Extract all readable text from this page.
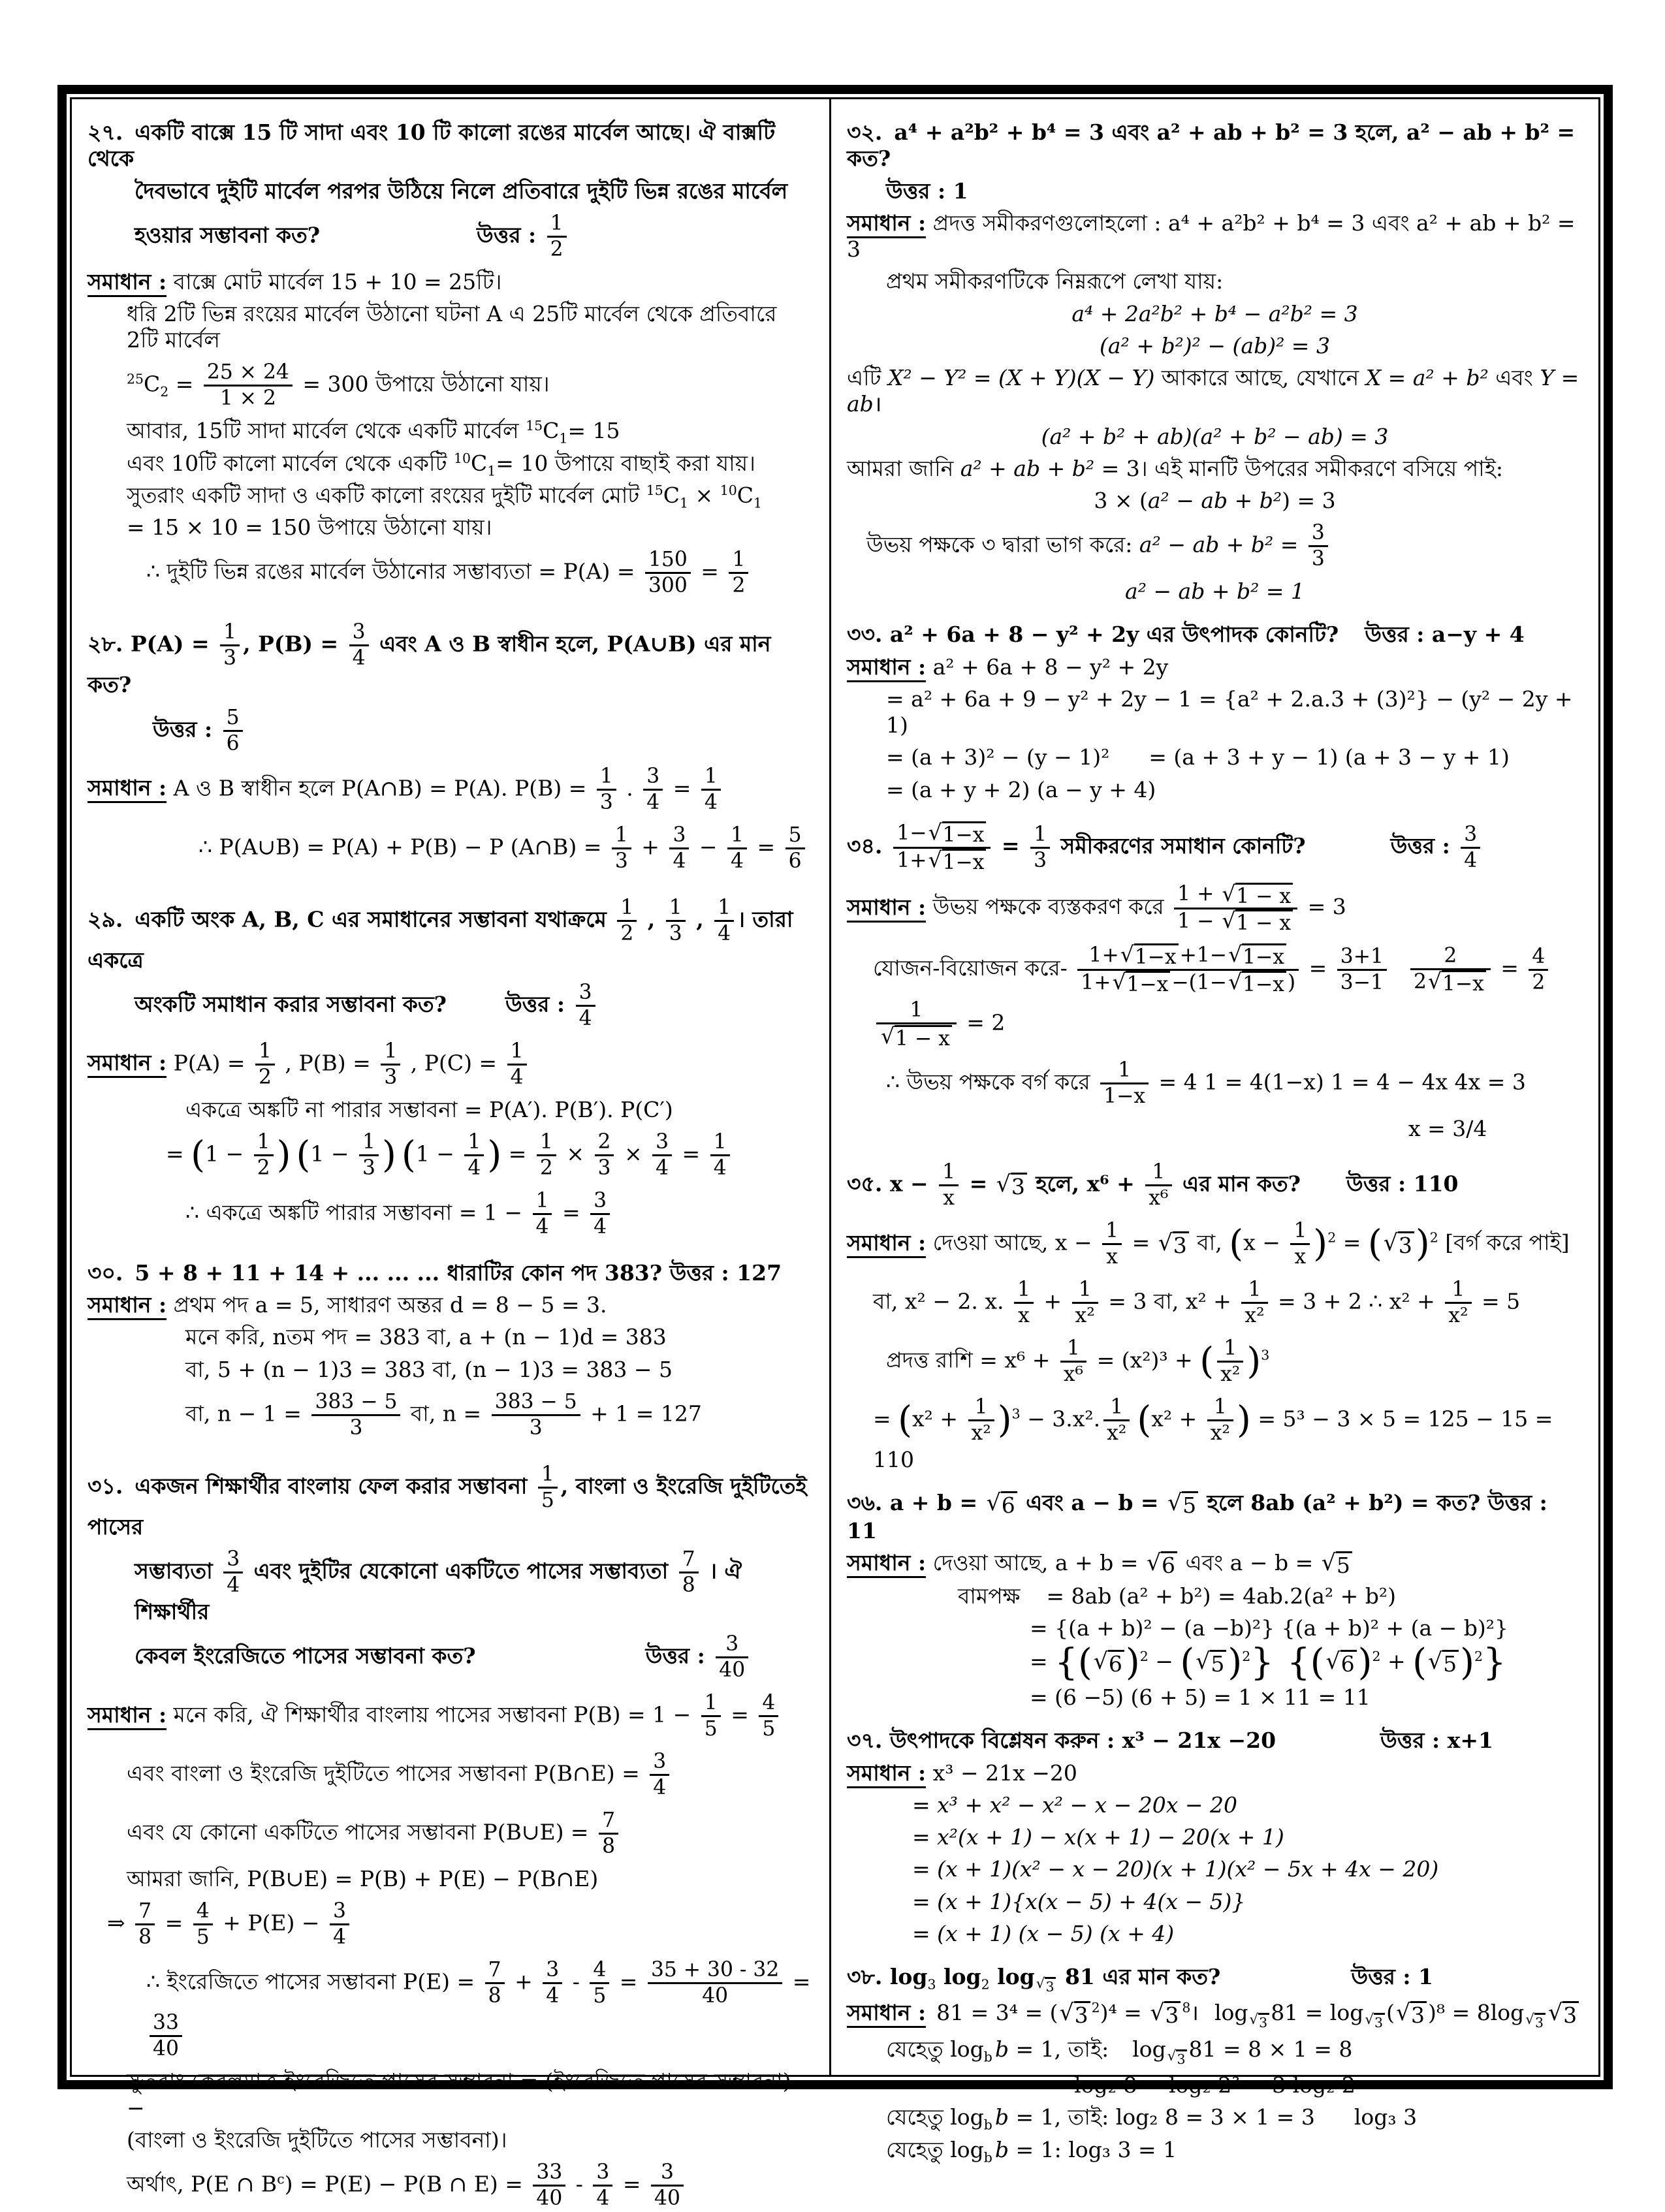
২৭. একটি বাক্সে 15 টি সাদা এবং 10 টি কালো রঙের মার্বেল আছে। ঐ বাক্সটি থেকে
দৈবভাবে দুইটি মার্বেল পরপর উঠিয়ে নিলে প্রতিবারে দুইটি ভিন্ন রঙের মার্বেল
হওয়ার সম্ভাবনা কত?	উত্তর : $\frac{1}{2}$
সমাধান : বাক্সে মোট মার্বেল 15 + 10 = 25টি।
ধরি 2টি ভিন্ন রংয়ের মার্বেল উঠানো ঘটনা A এ 25টি মার্বেল থেকে প্রতিবারে 2টি মার্বেল
$^{25}C_2 = \frac{25 \times 24}{1 \times 2} = 300$ উপায়ে উঠানো যায়।
আবার, 15টি সাদা মার্বেল থেকে একটি মার্বেল $^{15}C_1= 15$
এবং 10টি কালো মার্বেল থেকে একটি $^{10}C_1= 10$ উপায়ে বাছাই করা যায়।
সুতরাং একটি সাদা ও একটি কালো রংয়ের দুইটি মার্বেল মোট $^{15}C_1 \times ^{10}C_1$
= 15 × 10 = 150 উপায়ে উঠানো যায়।
∴ দুইটি ভিন্ন রঙের মার্বেল উঠানোর সম্ভাব্যতা = $P(A) = \frac{150}{300} = \frac{1}{2}$
২৮. $P(A) = \frac{1}{3}$ , $P(B) = \frac{3}{4}$ এবং A ও B স্বাধীন হলে, P(A∪B) এর মান কত?
উত্তর : $\frac{5}{6}$
সমাধান : A ও B স্বাধীন হলে P(A∩B) = P(A). $P(B) = \frac{1}{3}$ . $\frac{3}{4} = \frac{1}{4}$
∴ P(A∪B) = P(A) + P(B) − P (A∩B) = $\frac{1}{3} + \frac{3}{4} - \frac{1}{4} = \frac{5}{6}$
২৯. একটি অংক A, B, C এর সমাধানের সম্ভাবনা যথাক্রমে $\frac{1}{2}$ , $\frac{1}{3}$ , $\frac{1}{4}$ । তারা একত্রে
অংকটি সমাধান করার সম্ভাবনা কত?	উত্তর : $\frac{3}{4}$
সমাধান : $P(A) = \frac{1}{2}$ , $P(B) = \frac{1}{3}$ , $P(C) = \frac{1}{4}$
একত্রে অঙ্কটি না পারার সম্ভাবনা = P(A′). P(B′). P(C′)
= ($1 - \frac{1}{2}$ ) ($1 - \frac{1}{3}$ ) ($1 - \frac{1}{4}$ ) = $\frac{1}{2} \times \frac{2}{3} \times \frac{3}{4} = \frac{1}{4}$
∴ একত্রে অঙ্কটি পারার সম্ভাবনা = $1 - \frac{1}{4} = \frac{3}{4}$
৩০. 5 + 8 + 11 + 14 + ... ... ... ধারাটির কোন পদ 383? উত্তর : 127
সমাধান : প্রথম পদ a = 5, সাধারণ অন্তর d = 8 − 5 = 3.
মনে করি, nতম পদ = 383 বা, a + (n − 1)d = 383
বা, 5 + (n − 1)3 = 383 বা, (n − 1)3 = 383 − 5
বা, $n - 1 = \frac{383 - 5}{3}$ বা, $n = \frac{383 - 5}{3} + 1 = 127$
৩১. একজন শিক্ষার্থীর বাংলায় ফেল করার সম্ভাবনা $\frac{1}{5}$ , বাংলা ও ইংরেজি দুইটিতেই পাসের
সম্ভাব্যতা $\frac{3}{4}$ এবং দুইটির যেকোনো একটিতে পাসের সম্ভাব্যতা $\frac{7}{8}$ । ঐ শিক্ষার্থীর
কেবল ইংরেজিতে পাসের সম্ভাবনা কত?	উত্তর : $\frac{3}{40}$
সমাধান : মনে করি, ঐ শিক্ষার্থীর বাংলায় পাসের সম্ভাবনা $P(B) = 1 - \frac{1}{5} = \frac{4}{5}$
এবং বাংলা ও ইংরেজি দুইটিতে পাসের সম্ভাবনা P(B∩E) = $\frac{3}{4}$
এবং যে কোনো একটিতে পাসের সম্ভাবনা P(B∪E) = $\frac{7}{8}$
আমরা জানি, P(B∪E) = P(B) + P(E) − P(B∩E)
⇒ $\frac{7}{8} = \frac{4}{5} + P(E) - \frac{3}{4}$
∴ ইংরেজিতে পাসের সম্ভাবনা $P(E) = \frac{7}{8} + \frac{3}{4} - \frac{4}{5} = \frac{35 + 30 - 32}{40}$ =
$\frac{33}{40}$
সুতরাং কেবলমাত্র ইংরেজিতে পাসের সম্ভাবনা = (ইংরেজিতে পাসের সম্ভাবনা) −
(বাংলা ও ইংরেজি দুইটিতে পাসের সম্ভাবনা)।
অর্থাৎ, P(E ∩ $B^c) = P(E) - P(B$ ∩ $E) = \frac{33}{40} - \frac{3}{4} = \frac{3}{40}$
৩২. a⁴ + a²b² + b⁴ = 3 এবং a² + ab + b² = 3 হলে, a² − ab + b² = কত?
উত্তর : 1
সমাধান : প্রদত্ত সমীকরণগুলোহলো : a⁴ + a²b² + b⁴ = 3 এবং a² + ab + b² = 3
প্রথম সমীকরণটিকে নিম্নরূপে লেখা যায়:
a⁴ + 2a²b² + b⁴ − a²b² = 3
(a² + b²)² − (ab)² = 3
এটি X² − Y² = (X + Y)(X − Y) আকারে আছে, যেখানে X = a² + b² এবং Y = ab।
(a² + b² + ab)(a² + b² − ab) = 3
আমরা জানি a² + ab + b² = 3। এই মানটি উপরের সমীকরণে বসিয়ে পাই:
3 × (a² − ab + b²) = 3
উভয় পক্ষকে ৩ দ্বারা ভাগ করে: a² − ab + $b^2 = \frac{3}{3}$
a² − ab + b² = 1
৩৩. a² + 6a + 8 − y² + 2y এর উৎপাদক কোনটি? উত্তর : a−y + 4
সমাধান : a² + 6a + 8 − y² + 2y
= a² + 6a + 9 − y² + 2y − 1 = {a² + 2.a.3 + (3)²} − (y² − 2y + 1)
= (a + 3)² − (y − 1)² = (a + 3 + y − 1) (a + 3 − y + 1)
= (a + y + 2) (a − y + 4)
৩৪. $\frac{1- √ 1-x}{1+ √ 1-x} = \frac{1}{3}$ সমীকরণের সমাধান কোনটি?	উত্তর : $\frac{3}{4}$
সমাধান : উভয় পক্ষকে ব্যস্তকরণ করে $\frac{1 + √ 1 - x}{1 - √ 1 - x} = 3$
যোজন-বিয়োজন করে- $\frac{1+ √ 1-x +1- √ 1-x}{1+ √ 1-x -(1- √ 1-x )} = \frac{3+1}{3-1} \frac{2}{2 √ 1-x} = \frac{4}{2}$
$\frac{1}{√ 1 - x} = 2$
∴ উভয় পক্ষকে বর্গ করে $\frac{1}{1-x} = 4$ 1 = 4(1−x) 1 = 4 − 4x 4x = 3
x = 3/4
৩৫. $x - \frac{1}{x}$ = √ 3 হলে, $x^6 + \frac{1}{\text{x⁶}}$ এর মান কত? উত্তর : 110
সমাধান : দেওয়া আছে, $x - \frac{1}{x}$ = √ 3 বা, $(x - \frac{1}{x} )^2$ = ( √ 3 )$^2$ [বর্গ করে পাই]
বা, x² − 2. x. $\frac{1}{x} + \frac{1}{\text{x²}} = 3$ বা, $x^2 + \frac{1}{\text{x²}} = 3 + 2$ ∴ $x^2 + \frac{1}{\text{x²}} = 5$
প্রদত্ত রাশি = $x^6 + \frac{1}{\text{x⁶}} = (x^2)^3$ + ( $\frac{1}{\text{x²}} )^3$
= $(x^2 + \frac{1}{\text{x²}} )^3 - 3.x^2$. $\frac{1}{\text{x²}} (x^2 + \frac{1}{\text{x²}}$ ) = 5³ − 3 × 5 = 125 − 15 = 110
৩৬. a + b = √ 6 এবং a − b = √ 5 হলে 8ab (a² + b²) = কত? উত্তর : 11
সমাধান : দেওয়া আছে, a + b = √ 6 এবং a − b = √ 5
বামপক্ষ = 8ab (a² + b²) = 4ab.2(a² + b²)
= {(a + b)² − (a −b)²} {(a + b)² + (a − b)²}
= {( √ 6 )$^2$ − ( √ 5 )$^2$} {( √ 6 )$^2$ + ( √ 5 )$^2$}
= (6 −5) (6 + 5) = 1 × 11 = 11
৩৭. উৎপাদকে বিশ্লেষন করুন : x³ − 21x −20	উত্তর : x+1
সমাধান : x³ − 21x −20
= x³ + x² − x² − x − 20x − 20
= x²(x + 1) − x(x + 1) − 20(x + 1)
= (x + 1)(x² − x − 20)(x + 1)(x² − 5x + 4x − 20)
= (x + 1){x(x − 5) + 4(x − 5)}
= (x + 1) (x − 5) (x + 4)
৩৮. $\log_3 \log_2 \log _{√ 3}$ 81 এর মান কত?	উত্তর : 1
সমাধান : 81 = 3⁴ = ( √ 3 $^2$)⁴ = √ 3 $^8$। log $_{√ 3}$ 81 = log $_{√ 3}$ ( √ 3 )⁸ = 8log $_{√ 3}$ √ 3
যেহেতু $\log_b b = 1$, তাই: log $_{√ 3}$ 81 = 8 × 1 = 8
log₂ 8 = log₂ 2³ = 3 log₂ 2
যেহেতু $\log_b b = 1$, তাই: log₂ 8 = 3 × 1 = 3 log₃ 3
যেহেতু $\log_b b = 1$: log₃ 3 = 1
